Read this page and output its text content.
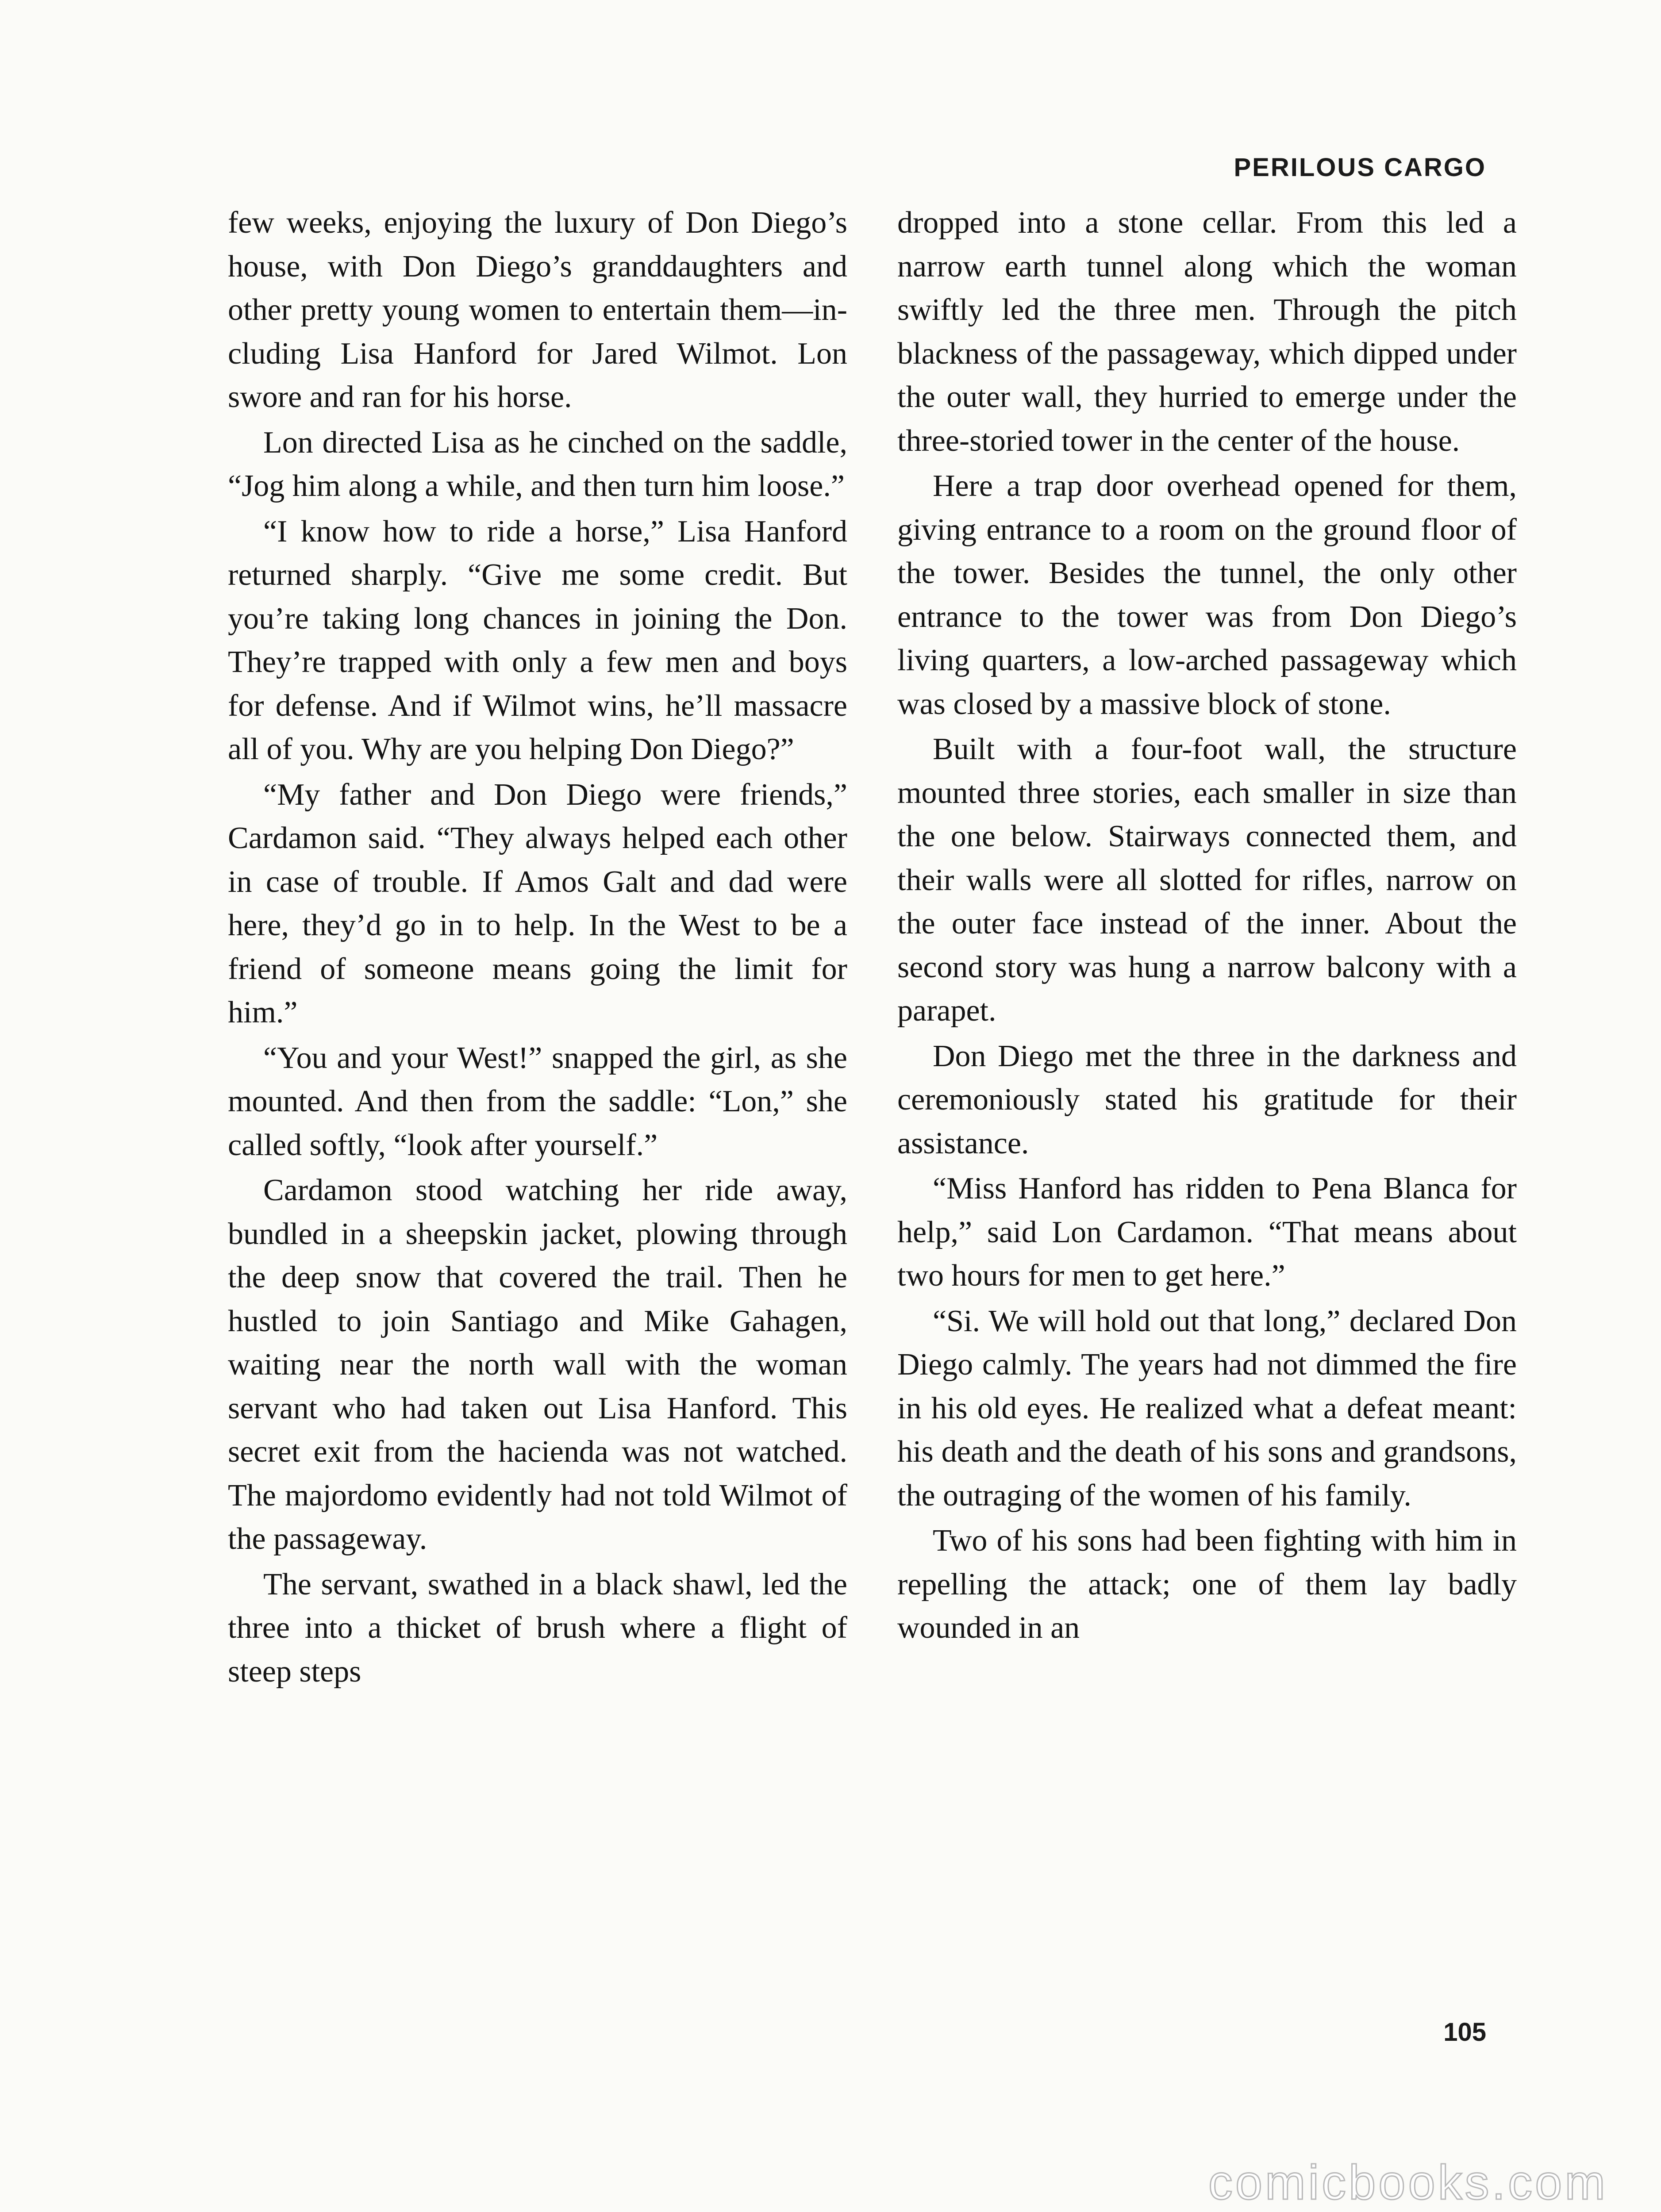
PERILOUS CARGO

few weeks, enjoying the luxury of Don Diego’s house, with Don Diego’s granddaughters and other pretty young women to entertain them—including Lisa Hanford for Jared Wilmot. Lon swore and ran for his horse.

Lon directed Lisa as he cinched on the saddle, “Jog him along a while, and then turn him loose.”

“I know how to ride a horse,” Lisa Hanford returned sharply. “Give me some credit. But you’re taking long chances in joining the Don. They’re trapped with only a few men and boys for defense. And if Wilmot wins, he’ll massacre all of you. Why are you helping Don Diego?”

“My father and Don Diego were friends,” Cardamon said. “They always helped each other in case of trouble. If Amos Galt and dad were here, they’d go in to help. In the West to be a friend of someone means going the limit for him.”

“You and your West!” snapped the girl, as she mounted. And then from the saddle: “Lon,” she called softly, “look after yourself.”

Cardamon stood watching her ride away, bundled in a sheepskin jacket, plowing through the deep snow that covered the trail. Then he hustled to join Santiago and Mike Gahagen, waiting near the north wall with the woman servant who had taken out Lisa Hanford. This secret exit from the hacienda was not watched. The majordomo evidently had not told Wilmot of the passageway.

The servant, swathed in a black shawl, led the three into a thicket of brush where a flight of steep steps

dropped into a stone cellar. From this led a narrow earth tunnel along which the woman swiftly led the three men. Through the pitch blackness of the passageway, which dipped under the outer wall, they hurried to emerge under the three-storied tower in the center of the house.

Here a trap door overhead opened for them, giving entrance to a room on the ground floor of the tower. Besides the tunnel, the only other entrance to the tower was from Don Diego’s living quarters, a low-arched passageway which was closed by a massive block of stone.

Built with a four-foot wall, the structure mounted three stories, each smaller in size than the one below. Stairways connected them, and their walls were all slotted for rifles, narrow on the outer face instead of the inner. About the second story was hung a narrow balcony with a parapet.

Don Diego met the three in the darkness and ceremoniously stated his gratitude for their assistance.

“Miss Hanford has ridden to Pena Blanca for help,” said Lon Cardamon. “That means about two hours for men to get here.”

“Si. We will hold out that long,” declared Don Diego calmly. The years had not dimmed the fire in his old eyes. He realized what a defeat meant: his death and the death of his sons and grandsons, the outraging of the women of his family.

Two of his sons had been fighting with him in repelling the attack; one of them lay badly wounded in an

105
comicbooks.com
